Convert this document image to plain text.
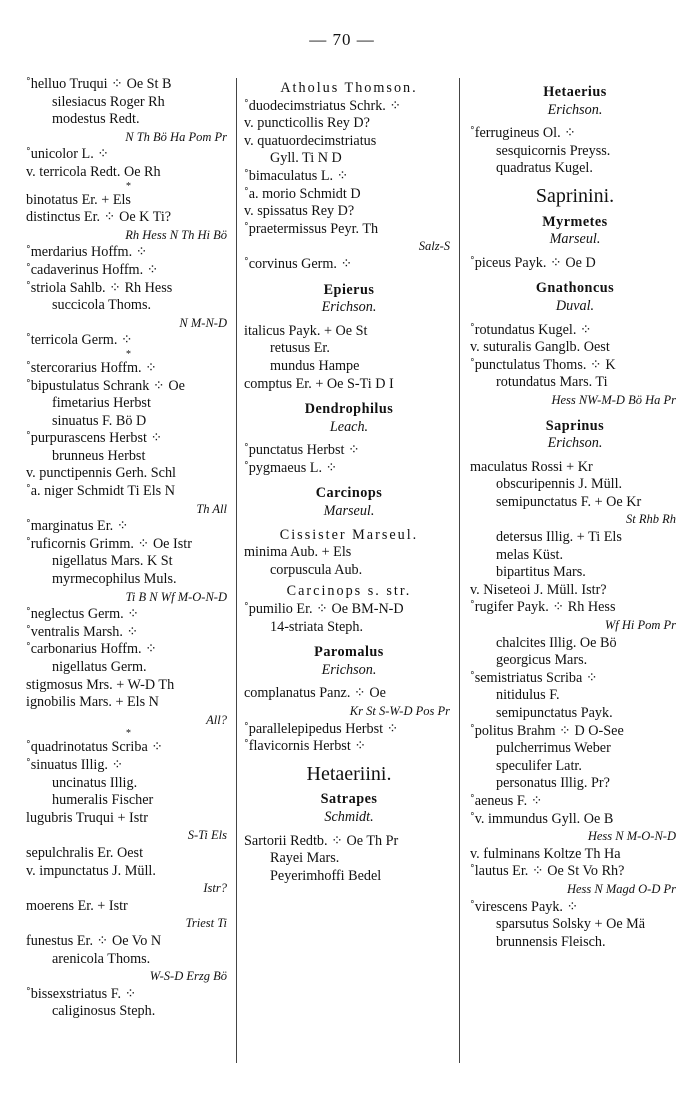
— 70 —
˚helluo Truqui ⁘ Oe St B
silesiacus Roger Rh
modestus Redt.
N Th Bö Ha Pom Pr
˚unicolor L. ⁘
v. terricola Redt. Oe Rh
*
binotatus Er. + Els
distinctus Er. ⁘ Oe K Ti?
Rh Hess N Th Hi Bö
˚merdarius Hoffm. ⁘
˚cadaverinus Hoffm. ⁘
˚striola Sahlb. ⁘ Rh Hess
succicola Thoms.
N M-N-D
˚terricola Germ. ⁘
*
˚stercorarius Hoffm. ⁘
˚bipustulatus Schrank ⁘ Oe
fimetarius Herbst
sinuatus F. Bö D
˚purpurascens Herbst ⁘
brunneus Herbst
v. punctipennis Gerh. Schl
˚a. niger Schmidt Ti Els N
Th All
˚marginatus Er. ⁘
˚ruficornis Grimm. ⁘ Oe Istr
nigellatus Mars. K St
myrmecophilus Muls.
Ti B N Wf M-O-N-D
˚neglectus Germ. ⁘
˚ventralis Marsh. ⁘
˚carbonarius Hoffm. ⁘
nigellatus Germ.
stigmosus Mrs. + W-D Th
ignobilis Mars. + Els N
All?
*
˚quadrinotatus Scriba ⁘
˚sinuatus Illig. ⁘
uncinatus Illig.
humeralis Fischer
lugubris Truqui + Istr
S-Ti Els
sepulchralis Er. Oest
v. impunctatus J. Müll.
Istr?
moerens Er. + Istr
Triest Ti
funestus Er. ⁘ Oe Vo N
arenicola Thoms.
W-S-D Erzg Bö
˚bissexstriatus F. ⁘
caliginosus Steph.
Atholus Thomson.
˚duodecimstriatus Schrk. ⁘
v. puncticollis Rey D?
v. quatuordecimstriatus
Gyll. Ti N D
˚bimaculatus L. ⁘
˚a. morio Schmidt D
v. spissatus Rey D?
˚praetermissus Peyr. Th
Salz-S
˚corvinus Germ. ⁘
Epierus
Erichson.
italicus Payk. + Oe St
retusus Er.
mundus Hampe
comptus Er. + Oe S-Ti D I
Dendrophilus
Leach.
˚punctatus Herbst ⁘
˚pygmaeus L. ⁘
Carcinops
Marseul.
Cissister Marseul.
minima Aub. + Els
corpuscula Aub.
Carcinops s. str.
˚pumilio Er. ⁘ Oe BM-N-D
14-striata Steph.
Paromalus
Erichson.
complanatus Panz. ⁘ Oe
Kr St S-W-D Pos Pr
˚parallelepipedus Herbst ⁘
˚flavicornis Herbst ⁘
Hetaeriini.
Satrapes
Schmidt.
Sartorii Redtb. ⁘ Oe Th Pr
Rayei Mars.
Peyerimhoffi Bedel
Hetaerius
Erichson.
˚ferrugineus Ol. ⁘
sesquicornis Preyss.
quadratus Kugel.
Saprinini.
Myrmetes
Marseul.
˚piceus Payk. ⁘ Oe D
Gnathoncus
Duval.
˚rotundatus Kugel. ⁘
v. suturalis Ganglb. Oest
˚punctulatus Thoms. ⁘ K
rotundatus Mars. Ti
Hess NW-M-D Bö Ha Pr
Saprinus
Erichson.
maculatus Rossi + Kr
obscuripennis J. Müll.
semipunctatus F. + Oe Kr
St Rhb Rh
detersus Illig. + Ti Els
melas Küst.
bipartitus Mars.
v. Niseteoi J. Müll. Istr?
˚rugifer Payk. ⁘ Rh Hess
Wf Hi Pom Pr
chalcites Illig. Oe Bö
georgicus Mars.
˚semistriatus Scriba ⁘
nitidulus F.
semipunctatus Payk.
˚politus Brahm ⁘ D O-See
pulcherrimus Weber
speculifer Latr.
personatus Illig. Pr?
˚aeneus F. ⁘
˚v. immundus Gyll. Oe B
Hess N M-O-N-D
v. fulminans Koltze Th Ha
˚lautus Er. ⁘ Oe St Vo Rh?
Hess N Magd O-D Pr
˚virescens Payk. ⁘
sparsutus Solsky + Oe Mä
brunnensis Fleisch.
